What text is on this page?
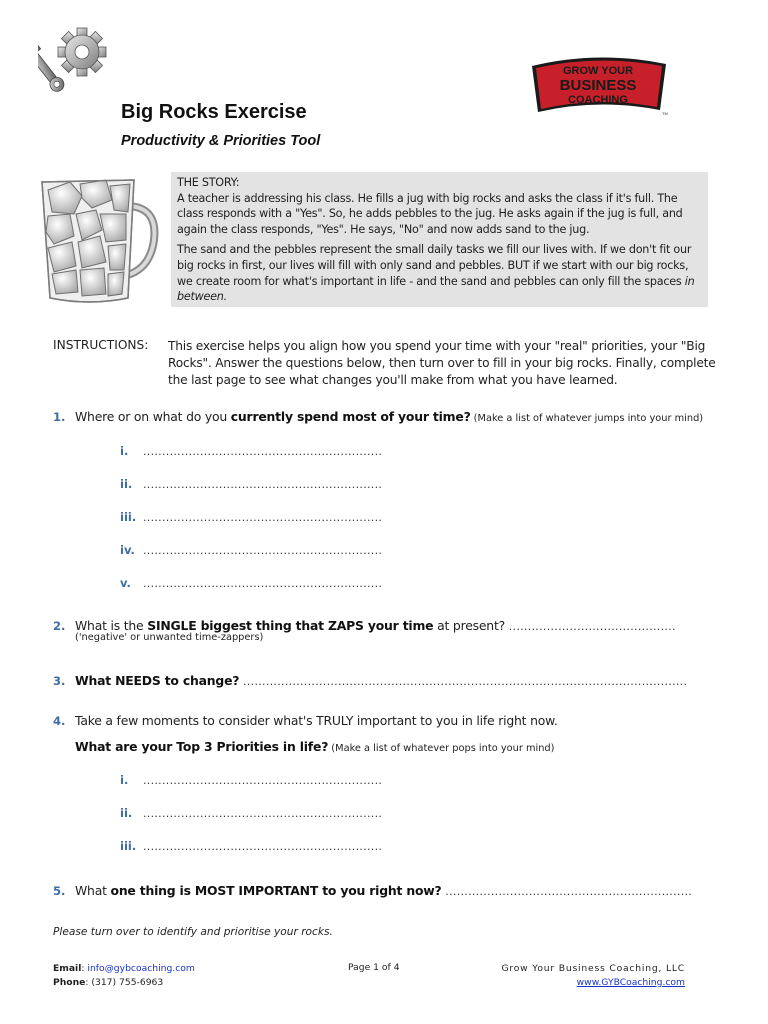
GROW YOUR
BUSINESS
COACHING
TM
Big Rocks Exercise
Productivity & Priorities Tool

THE STORY:

A teacher is addressing his class. He fills a jug with big rocks and asks the class if it's full. The class responds with a "Yes". So, he adds pebbles to the jug. He asks again if the jug is full, and again the class responds, "Yes". He says, "No" and now adds sand to the jug.

The sand and the pebbles represent the small daily tasks we fill our lives with. If we don't fit our big rocks in first, our lives will fill with only sand and pebbles. BUT if we start with our big rocks, we create room for what's important in life - and the sand and pebbles can only fill the spaces in between.

INSTRUCTIONS: This exercise helps you align how you spend your time with your "real" priorities, your "Big Rocks". Answer the questions below, then turn over to fill in your big rocks. Finally, complete the last page to see what changes you'll make from what you have learned.
1. Where or on what do you currently spend most of your time? (Make a list of whatever jumps into your mind)
i. ...............................................................
ii. ...............................................................
iii. ...............................................................
iv. ...............................................................
v. ...............................................................
2. What is the SINGLE biggest thing that ZAPS your time at present? ............................................
('negative' or unwanted time-zappers)
3. What NEEDS to change? .....................................................................................................................
4. Take a few moments to consider what's TRULY important to you in life right now.
What are your Top 3 Priorities in life? (Make a list of whatever pops into your mind)
i. ...............................................................
ii. ...............................................................
iii. ...............................................................
5. What one thing is MOST IMPORTANT to you right now? .................................................................
Please turn over to identify and prioritise your rocks.
Email: info@gybcoaching.com
Phone: (317) 755-6963
Page 1 of 4	Grow Your Business Coaching, LLC
www.GYBCoaching.com
